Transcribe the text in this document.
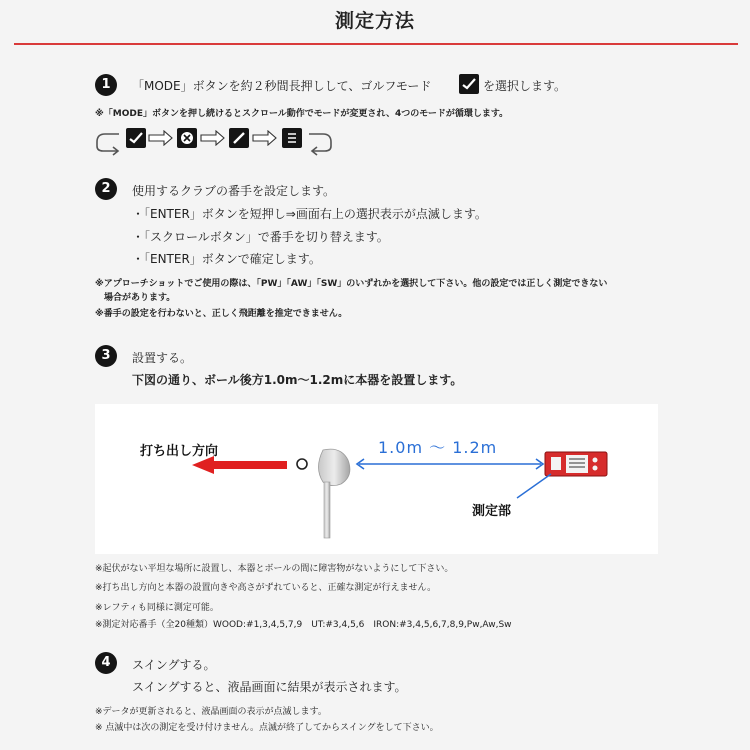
測定方法
1	「MODE」ボタンを約２秒間長押しして、ゴルフモード	を選択します。
※「MODE」ボタンを押し続けるとスクロール動作でモードが変更され、4つのモードが循環します。
2	使用するクラブの番手を設定します。
・「ENTER」ボタンを短押し⇒画面右上の選択表示が点滅します。
・「スクロールボタン」で番手を切り替えます。
・「ENTER」ボタンで確定します。
※アプローチショットでご使用の際は、「PW」「AW」「SW」のいずれかを選択して下さい。他の設定では正しく測定できない
場合があります。
※番手の設定を行わないと、正しく飛距離を推定できません。
3	設置する。
下図の通り、ボール後方1.0m〜1.2mに本器を設置します。
打ち出し方向	1.0m ～ 1.2m
測定部
※起伏がない平坦な場所に設置し、本器とボールの間に障害物がないようにして下さい。
※打ち出し方向と本器の設置向きや高さがずれていると、正確な測定が行えません。
※レフティも同様に測定可能。
※測定対応番手（全20種類）WOOD:#1,3,4,5,7,9　UT:#3,4,5,6　IRON:#3,4,5,6,7,8,9,Pw,Aw,Sw
4	スイングする。
スイングすると、液晶画面に結果が表示されます。
※データが更新されると、液晶画面の表示が点滅します。
※ 点滅中は次の測定を受け付けません。点滅が終了してからスイングをして下さい。
